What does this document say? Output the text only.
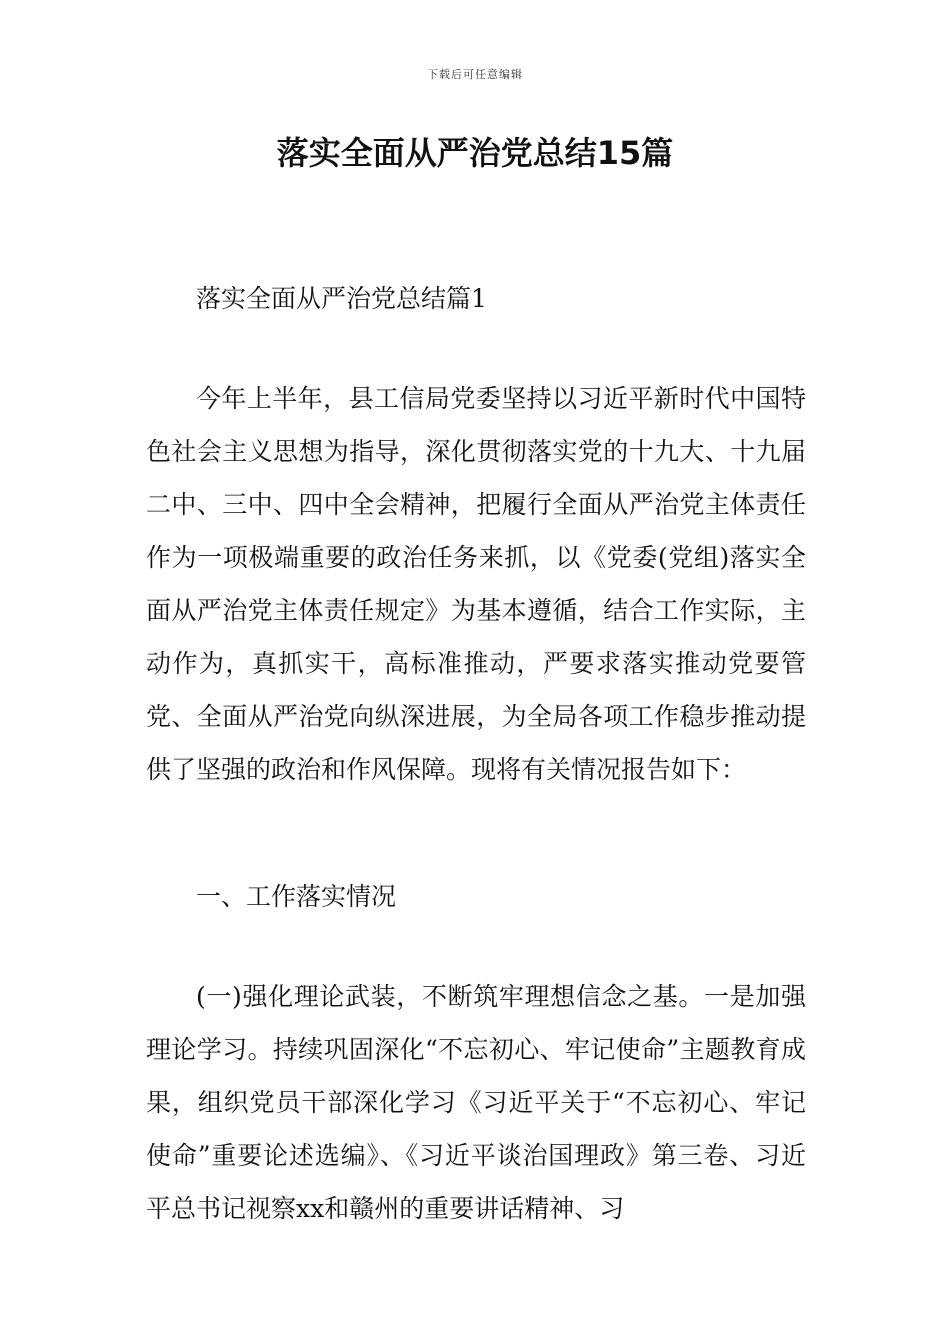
下载后可任意编辑
落实全面从严治党总结15篇

落实全面从严治党总结篇1

今年上半年，县工信局党委坚持以习近平新时代中国特色社会主义思想为指导，深化贯彻落实党的十九大、十九届二中、三中、四中全会精神，把履行全面从严治党主体责任作为一项极端重要的政治任务来抓，以《党委(党组)落实全面从严治党主体责任规定》为基本遵循，结合工作实际，主动作为，真抓实干，高标准推动，严要求落实推动党要管党、全面从严治党向纵深进展，为全局各项工作稳步推动提供了坚强的政治和作风保障。现将有关情况报告如下：

一、工作落实情况

(一)强化理论武装，不断筑牢理想信念之基。一是加强理论学习。持续巩固深化“不忘初心、牢记使命”主题教育成果，组织党员干部深化学习《习近平关于“不忘初心、牢记使命”重要论述选编》、《习近平谈治国理政》第三卷、习近平总书记视察xx和赣州的重要讲话精神、习
